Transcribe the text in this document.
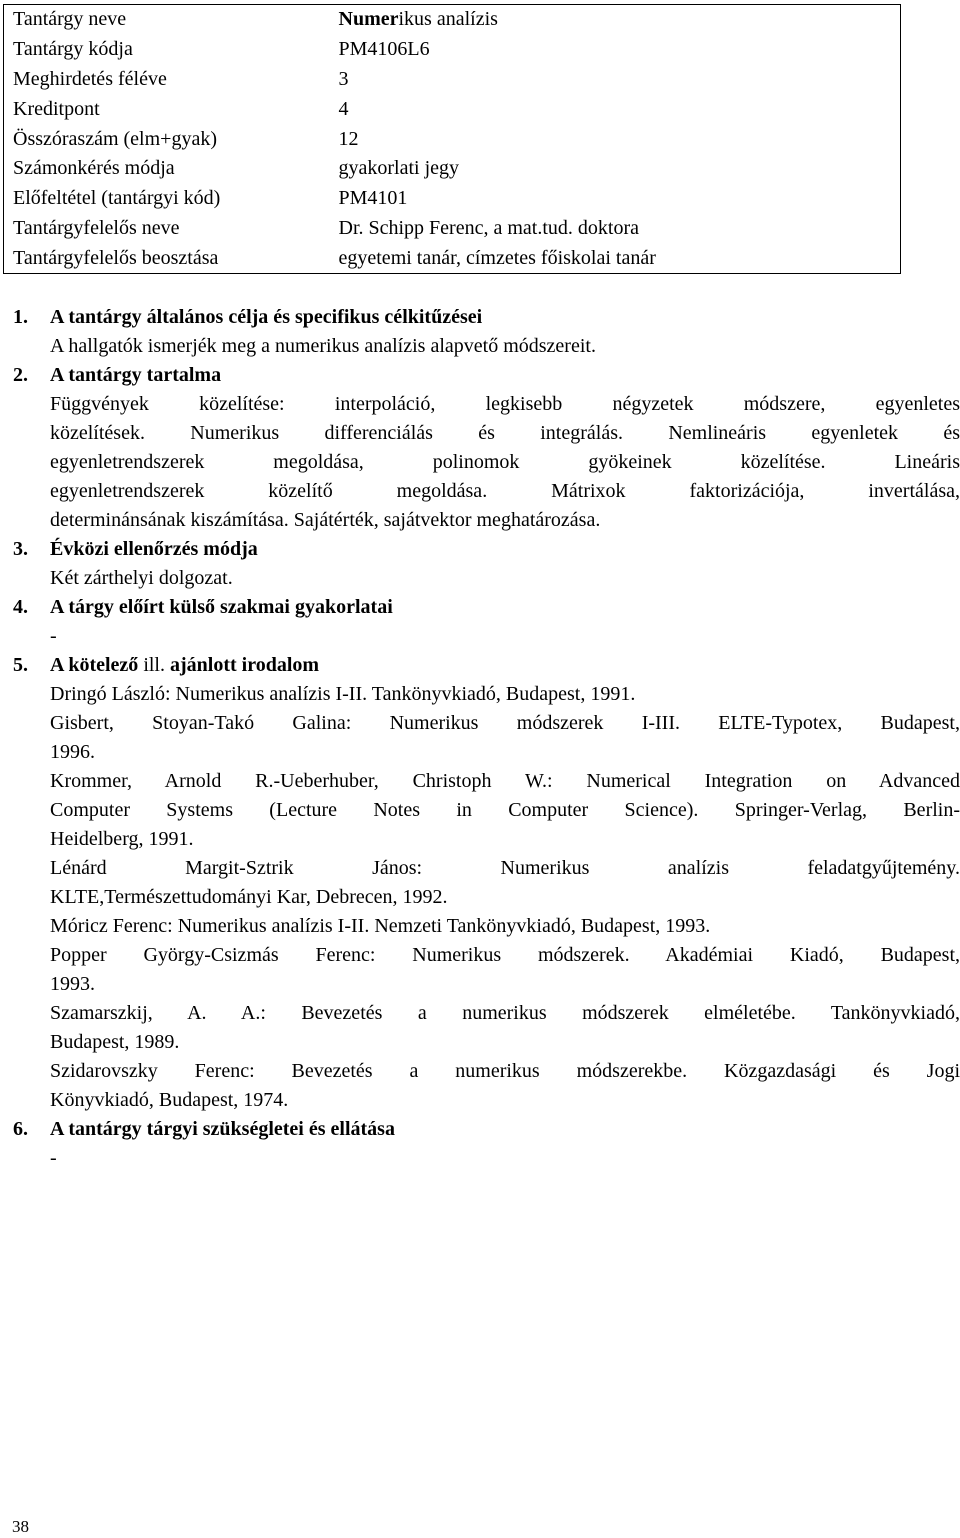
Tantárgy neve	Numerikus analízis
Tantárgy kódja	PM4106L6
Meghirdetés féléve	3
Kreditpont	4
Összóraszám (elm+gyak)	12
Számonkérés módja	gyakorlati jegy
Előfeltétel (tantárgyi kód)	PM4101
Tantárgyfelelős neve	Dr. Schipp Ferenc, a mat.tud. doktora
Tantárgyfelelős beosztása	egyetemi tanár, címzetes főiskolai tanár
1. A tantárgy általános célja és specifikus célkitűzései
A hallgatók ismerjék meg a numerikus analízis alapvető módszereit.
2. A tantárgy tartalma
Függvények közelítése: interpoláció, legkisebb négyzetek módszere, egyenletes
közelítések. Numerikus differenciálás és integrálás. Nemlineáris egyenletek és
egyenletrendszerek megoldása, polinomok gyökeinek közelítése. Lineáris
egyenletrendszerek közelítő megoldása. Mátrixok faktorizációja, invertálása,
determinánsának kiszámítása. Sajátérték, sajátvektor meghatározása.
3. Évközi ellenőrzés módja
Két zárthelyi dolgozat.
4. A tárgy előírt külső szakmai gyakorlatai
-
5. A kötelező ill. ajánlott irodalom
Dringó László: Numerikus analízis I-II. Tankönyvkiadó, Budapest, 1991.
Gisbert, Stoyan-Takó Galina: Numerikus módszerek I-III. ELTE-Typotex, Budapest,
1996.
Krommer, Arnold R.-Ueberhuber, Christoph W.: Numerical Integration on Advanced
Computer Systems (Lecture Notes in Computer Science). Springer-Verlag, Berlin-
Heidelberg, 1991.
Lénárd Margit-Sztrik János: Numerikus analízis feladatgyűjtemény.
KLTE,Természettudományi Kar, Debrecen, 1992.
Móricz Ferenc: Numerikus analízis I-II. Nemzeti Tankönyvkiadó, Budapest, 1993.
Popper György-Csizmás Ferenc: Numerikus módszerek. Akadémiai Kiadó, Budapest,
1993.
Szamarszkij, A. A.: Bevezetés a numerikus módszerek elméletébe. Tankönyvkiadó,
Budapest, 1989.
Szidarovszky Ferenc: Bevezetés a numerikus módszerekbe. Közgazdasági és Jogi
Könyvkiadó, Budapest, 1974.
6. A tantárgy tárgyi szükségletei és ellátása
-
38
